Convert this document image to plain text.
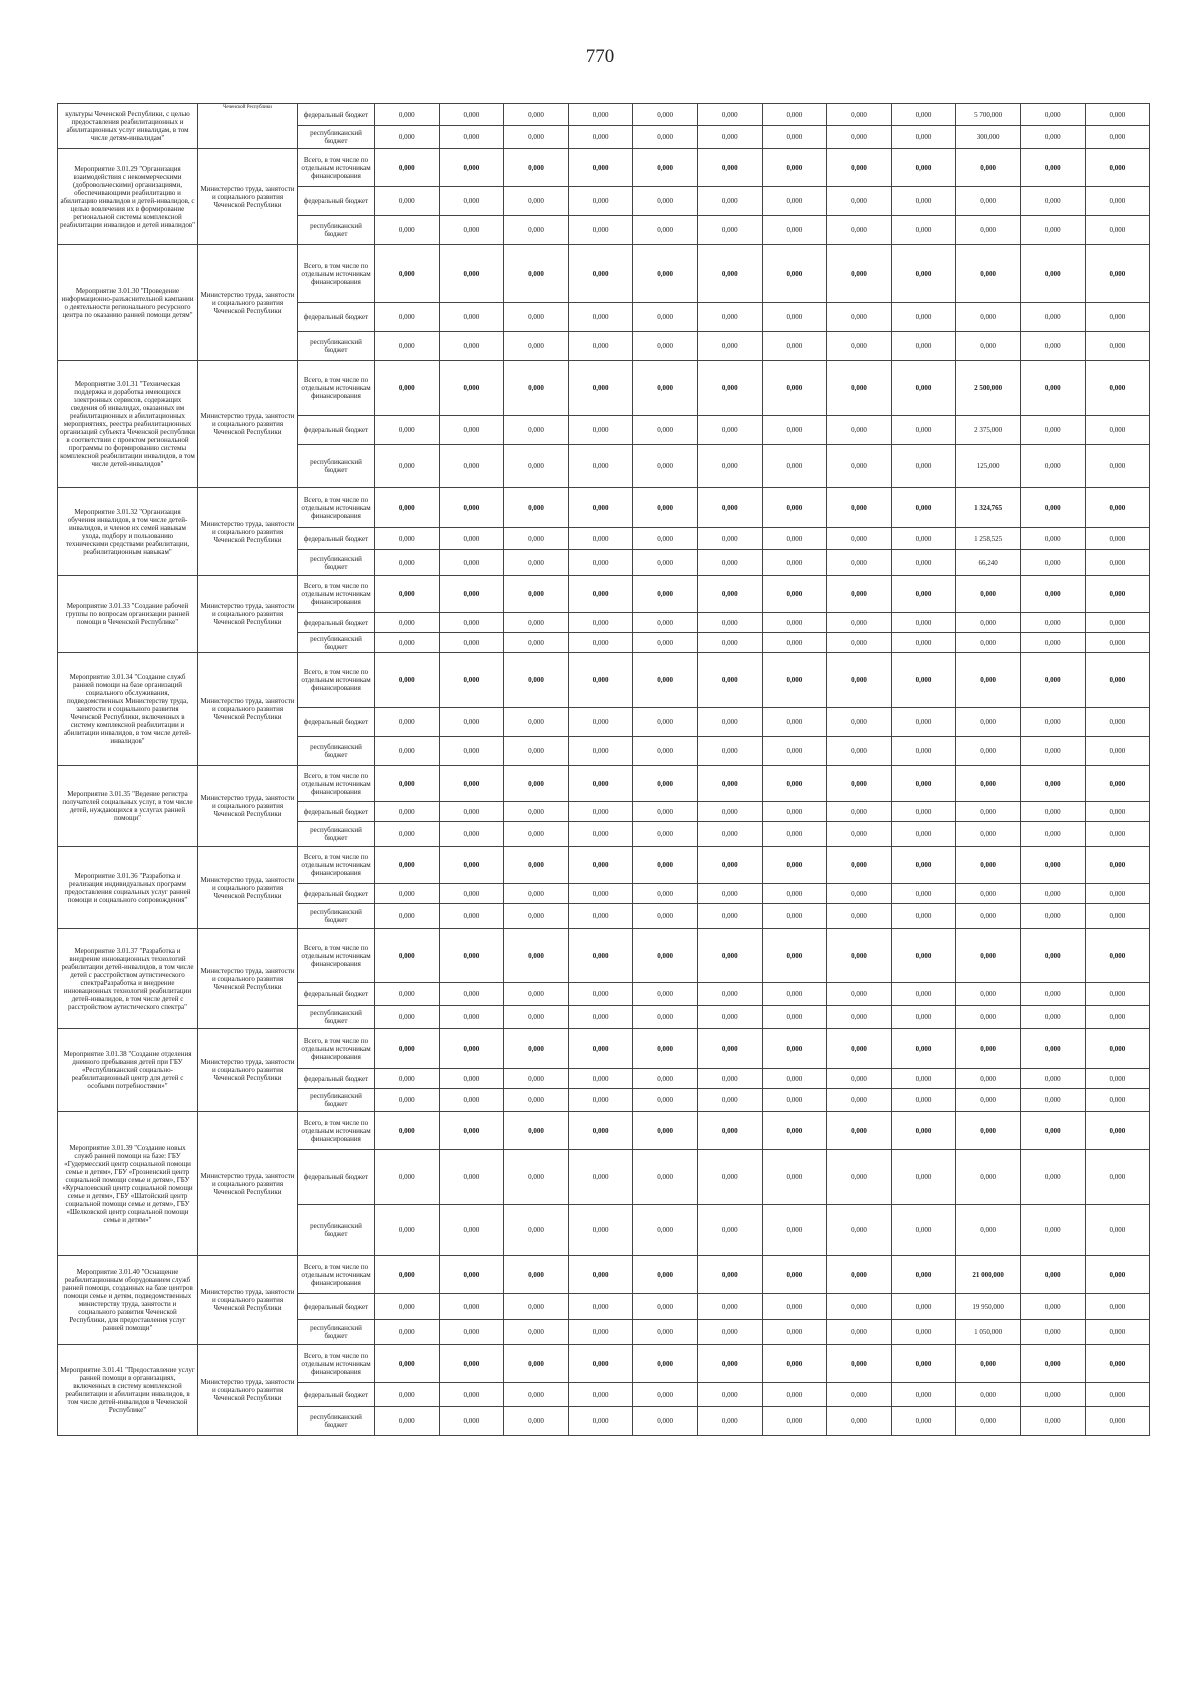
770
культуры Чеченской Республики, с целью предоставления реабилитационных и абилитационных услуг инвалидам, в том числе детям-инвалидам"	Чеченской Республики	федеральный бюджет	0,000	0,000	0,000	0,000	0,000	0,000	0,000	0,000	0,000	5 700,000	0,000	0,000
		республиканский бюджет	0,000	0,000	0,000	0,000	0,000	0,000	0,000	0,000	0,000	300,000	0,000	0,000
Мероприятие 3.01.29 "Организация взаимодействия с некоммерческими (добровольческими) организациями, обеспечивающими реабилитацию и абилитацию инвалидов и детей-инвалидов, с целью вовлечения их в формирование региональной системы комплексной реабилитации инвалидов и детей инвалидов"	Министерство труда, занятости и социального развития Чеченской Республики	Всего, в том числе по отдельным источникам финансирования	0,000	0,000	0,000	0,000	0,000	0,000	0,000	0,000	0,000	0,000	0,000	0,000
		федеральный бюджет	0,000	0,000	0,000	0,000	0,000	0,000	0,000	0,000	0,000	0,000	0,000	0,000
		республиканский бюджет	0,000	0,000	0,000	0,000	0,000	0,000	0,000	0,000	0,000	0,000	0,000	0,000
Мероприятие 3.01.30 "Проведение информационно-разъяснительной кампании о деятельности регионального ресурсного центра по оказанию ранней помощи детям"	Министерство труда, занятости и социального развития Чеченской Республики	Всего, в том числе по отдельным источникам финансирования	0,000	0,000	0,000	0,000	0,000	0,000	0,000	0,000	0,000	0,000	0,000	0,000
		федеральный бюджет	0,000	0,000	0,000	0,000	0,000	0,000	0,000	0,000	0,000	0,000	0,000	0,000
		республиканский бюджет	0,000	0,000	0,000	0,000	0,000	0,000	0,000	0,000	0,000	0,000	0,000	0,000
Мероприятие 3.01.31 "Техническая поддержка и доработка имеющихся электронных сервисов, содержащих сведения об инвалидах, оказанных им реабилитационных и абилитационных мероприятиях, реестра реабилитационных организаций субъекта Чеченской республики в соответствии с проектом региональной программы по формированию системы комплексной реабилитации инвалидов, в том числе детей-инвалидов"	Министерство труда, занятости и социального развития Чеченской Республики	Всего, в том числе по отдельным источникам финансирования	0,000	0,000	0,000	0,000	0,000	0,000	0,000	0,000	0,000	2 500,000	0,000	0,000
		федеральный бюджет	0,000	0,000	0,000	0,000	0,000	0,000	0,000	0,000	0,000	2 375,000	0,000	0,000
		республиканский бюджет	0,000	0,000	0,000	0,000	0,000	0,000	0,000	0,000	0,000	125,000	0,000	0,000
Мероприятие 3.01.32 "Организация обучения инвалидов, в том числе детей-инвалидов, и членов их семей навыкам ухода, подбору и пользованию техническими средствами реабилитации, реабилитационным навыкам"	Министерство труда, занятости и социального развития Чеченской Республики	Всего, в том числе по отдельным источникам финансирования	0,000	0,000	0,000	0,000	0,000	0,000	0,000	0,000	0,000	1 324,765	0,000	0,000
		федеральный бюджет	0,000	0,000	0,000	0,000	0,000	0,000	0,000	0,000	0,000	1 258,525	0,000	0,000
		республиканский бюджет	0,000	0,000	0,000	0,000	0,000	0,000	0,000	0,000	0,000	66,240	0,000	0,000
Мероприятие 3.01.33 "Создание рабочей группы по вопросам организации ранней помощи в Чеченской Республике"	Министерство труда, занятости и социального развития Чеченской Республики	Всего, в том числе по отдельным источникам финансирования	0,000	0,000	0,000	0,000	0,000	0,000	0,000	0,000	0,000	0,000	0,000	0,000
		федеральный бюджет	0,000	0,000	0,000	0,000	0,000	0,000	0,000	0,000	0,000	0,000	0,000	0,000
		республиканский бюджет	0,000	0,000	0,000	0,000	0,000	0,000	0,000	0,000	0,000	0,000	0,000	0,000
Мероприятие 3.01.34 "Создание служб ранней помощи на базе организаций социального обслуживания, подведомственных Министерству труда, занятости и социального развития Чеченской Республики, включенных в систему комплексной реабилитации и абилитации инвалидов, в том числе детей-инвалидов"	Министерство труда, занятости и социального развития Чеченской Республики	Всего, в том числе по отдельным источникам финансирования	0,000	0,000	0,000	0,000	0,000	0,000	0,000	0,000	0,000	0,000	0,000	0,000
		федеральный бюджет	0,000	0,000	0,000	0,000	0,000	0,000	0,000	0,000	0,000	0,000	0,000	0,000
		республиканский бюджет	0,000	0,000	0,000	0,000	0,000	0,000	0,000	0,000	0,000	0,000	0,000	0,000
Мероприятие 3.01.35 "Ведение регистра получателей социальных услуг, в том числе детей, нуждающихся в услугах ранней помощи"	Министерство труда, занятости и социального развития Чеченской Республики	Всего, в том числе по отдельным источникам финансирования	0,000	0,000	0,000	0,000	0,000	0,000	0,000	0,000	0,000	0,000	0,000	0,000
		федеральный бюджет	0,000	0,000	0,000	0,000	0,000	0,000	0,000	0,000	0,000	0,000	0,000	0,000
		республиканский бюджет	0,000	0,000	0,000	0,000	0,000	0,000	0,000	0,000	0,000	0,000	0,000	0,000
Мероприятие 3.01.36 "Разработка и реализация индивидуальных программ предоставления социальных услуг ранней помощи и социального сопровождения"	Министерство труда, занятости и социального развития Чеченской Республики	Всего, в том числе по отдельным источникам финансирования	0,000	0,000	0,000	0,000	0,000	0,000	0,000	0,000	0,000	0,000	0,000	0,000
		федеральный бюджет	0,000	0,000	0,000	0,000	0,000	0,000	0,000	0,000	0,000	0,000	0,000	0,000
		республиканский бюджет	0,000	0,000	0,000	0,000	0,000	0,000	0,000	0,000	0,000	0,000	0,000	0,000
Мероприятие 3.01.37 "Разработка и внедрение инновационных технологий реабилитации детей-инвалидов, в том числе детей с расстройством аутистического спектраРазработка и внедрение инновационных технологий реабилитации детей-инвалидов, в том числе детей с расстройством аутистического спектра"	Министерство труда, занятости и социального развития Чеченской Республики	Всего, в том числе по отдельным источникам финансирования	0,000	0,000	0,000	0,000	0,000	0,000	0,000	0,000	0,000	0,000	0,000	0,000
		федеральный бюджет	0,000	0,000	0,000	0,000	0,000	0,000	0,000	0,000	0,000	0,000	0,000	0,000
		республиканский бюджет	0,000	0,000	0,000	0,000	0,000	0,000	0,000	0,000	0,000	0,000	0,000	0,000
Мероприятие 3.01.38 "Создание отделения дневного пребывания детей при ГБУ «Республиканский социально-реабилитационный центр для детей с особыми потребностями»"	Министерство труда, занятости и социального развития Чеченской Республики	Всего, в том числе по отдельным источникам финансирования	0,000	0,000	0,000	0,000	0,000	0,000	0,000	0,000	0,000	0,000	0,000	0,000
		федеральный бюджет	0,000	0,000	0,000	0,000	0,000	0,000	0,000	0,000	0,000	0,000	0,000	0,000
		республиканский бюджет	0,000	0,000	0,000	0,000	0,000	0,000	0,000	0,000	0,000	0,000	0,000	0,000
Мероприятие 3.01.39 "Создание новых служб ранней помощи на базе: ГБУ «Гудермесский центр социальной помощи семье и детям», ГБУ «Грозненский центр социальной помощи семье и детям», ГБУ «Курчалоевский центр социальной помощи семье и детям», ГБУ «Шатойский центр социальной помощи семье и детям», ГБУ «Шелковской центр социальной помощи семье и детям»"	Министерство труда, занятости и социального развития Чеченской Республики	Всего, в том числе по отдельным источникам финансирования	0,000	0,000	0,000	0,000	0,000	0,000	0,000	0,000	0,000	0,000	0,000	0,000
		федеральный бюджет	0,000	0,000	0,000	0,000	0,000	0,000	0,000	0,000	0,000	0,000	0,000	0,000
		республиканский бюджет	0,000	0,000	0,000	0,000	0,000	0,000	0,000	0,000	0,000	0,000	0,000	0,000
Мероприятие 3.01.40 "Оснащение реабилитационным оборудованием служб ранней помощи, созданных на базе центров помощи семье и детям, подведомственных министерству труда, занятости и социального развития Чеченской Республики, для предоставления услуг ранней помощи"	Министерство труда, занятости и социального развития Чеченской Республики	Всего, в том числе по отдельным источникам финансирования	0,000	0,000	0,000	0,000	0,000	0,000	0,000	0,000	0,000	21 000,000	0,000	0,000
		федеральный бюджет	0,000	0,000	0,000	0,000	0,000	0,000	0,000	0,000	0,000	19 950,000	0,000	0,000
		республиканский бюджет	0,000	0,000	0,000	0,000	0,000	0,000	0,000	0,000	0,000	1 050,000	0,000	0,000
Мероприятие 3.01.41 "Предоставление услуг ранней помощи в организациях, включенных в систему комплексной реабилитации и абилитации инвалидов, в том числе детей-инвалидов в Чеченской Республике"	Министерство труда, занятости и социального развития Чеченской Республики	Всего, в том числе по отдельным источникам финансирования	0,000	0,000	0,000	0,000	0,000	0,000	0,000	0,000	0,000	0,000	0,000	0,000
		федеральный бюджет	0,000	0,000	0,000	0,000	0,000	0,000	0,000	0,000	0,000	0,000	0,000	0,000
		республиканский бюджет	0,000	0,000	0,000	0,000	0,000	0,000	0,000	0,000	0,000	0,000	0,000	0,000
